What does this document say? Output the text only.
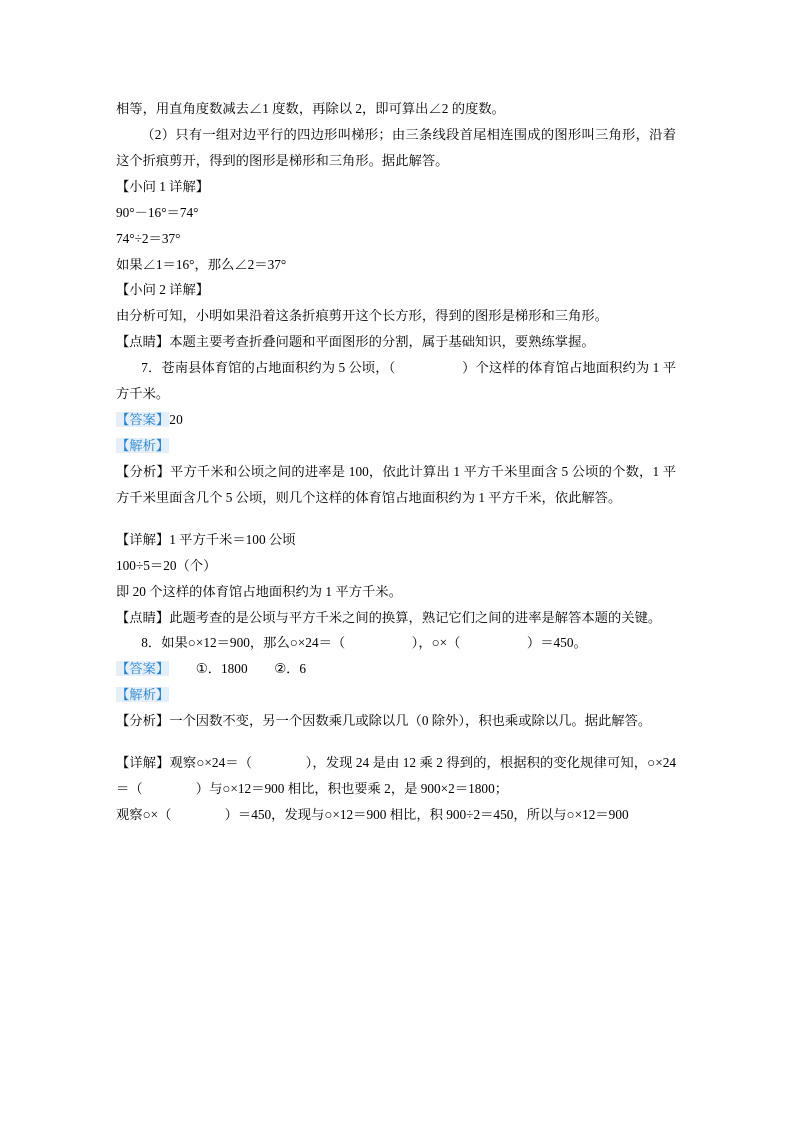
相等，用直角度数减去∠1 度数，再除以 2，即可算出∠2 的度数。

（2）只有一组对边平行的四边形叫梯形；由三条线段首尾相连围成的图形叫三角形，沿着这个折痕剪开，得到的图形是梯形和三角形。据此解答。

【小问 1 详解】

90°－16°＝74°

74°÷2＝37°

如果∠1＝16°，那么∠2＝37°

【小问 2 详解】

由分析可知，小明如果沿着这条折痕剪开这个长方形，得到的图形是梯形和三角形。

【点睛】本题主要考查折叠问题和平面图形的分割，属于基础知识，要熟练掌握。

7．苍南县体育馆的占地面积约为 5 公顷，（　　　　　）个这样的体育馆占地面积约为 1 平方千米。

【答案】20

【解析】

【分析】平方千米和公顷之间的进率是 100，依此计算出 1 平方千米里面含 5 公顷的个数，1 平方千米里面含几个 5 公顷，则几个这样的体育馆占地面积约为 1 平方千米，依此解答。

【详解】1 平方千米＝100 公顷

100÷5＝20（个）

即 20 个这样的体育馆占地面积约为 1 平方千米。

【点睛】此题考查的是公顷与平方千米之间的换算，熟记它们之间的进率是解答本题的关键。

8．如果○×12＝900，那么○×24＝（　　　　　），○×（　　　　　）＝450。

【答案】 ①．1800 ②．6

【解析】

【分析】一个因数不变，另一个因数乘几或除以几（0 除外），积也乘或除以几。据此解答。

【详解】观察○×24＝（　　　　），发现 24 是由 12 乘 2 得到的，根据积的变化规律可知，○×24＝（　　　　）与○×12＝900 相比，积也要乘 2，是 900×2＝1800；

观察○×（　　　　）＝450，发现与○×12＝900 相比，积 900÷2＝450，所以与○×12＝900
